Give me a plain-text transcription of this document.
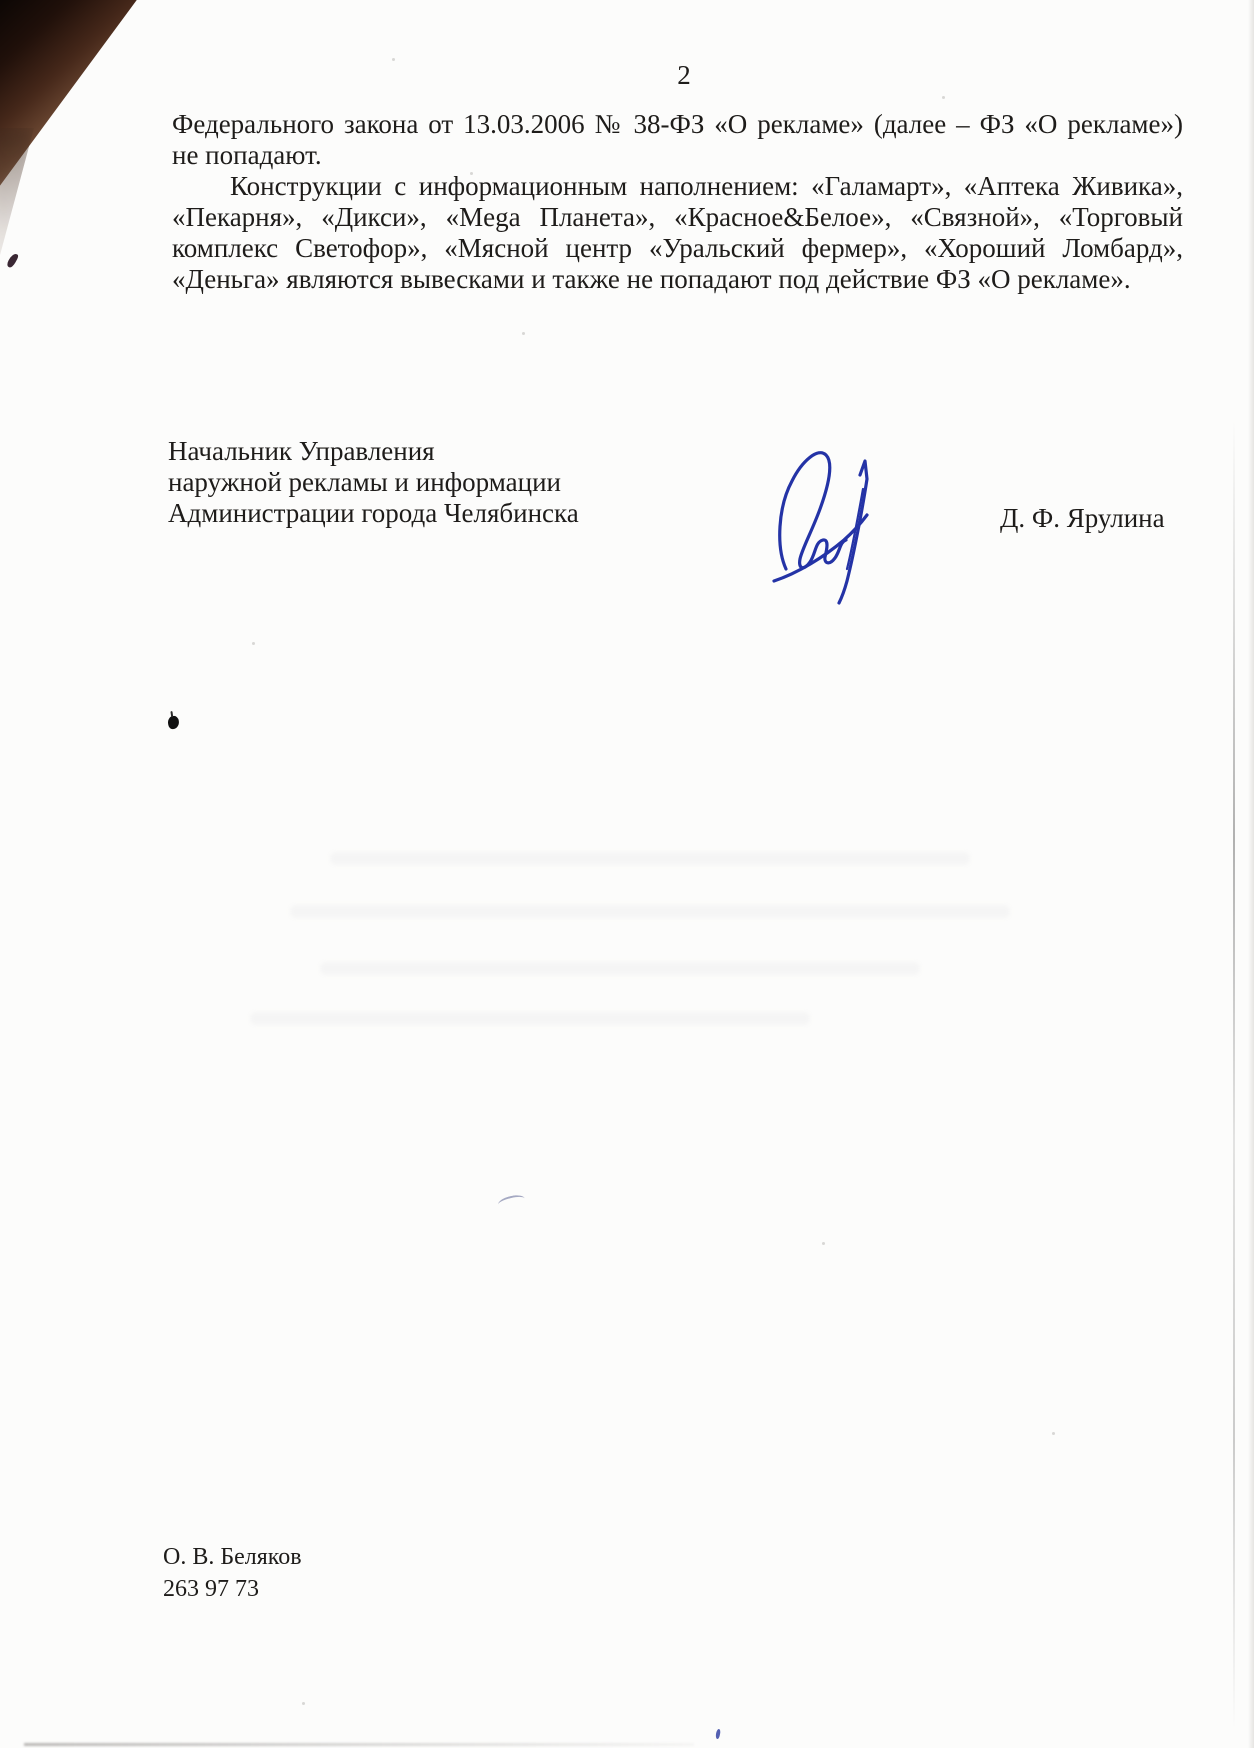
2
Федерального закона от 13.03.2006 № 38-ФЗ «О рекламе» (далее – ФЗ «О рекламе»)
не попадают.
Конструкции с информационным наполнением: «Галамарт», «Аптека Живика»,
«Пекарня», «Дикси», «Mega Планета», «Красное&Белое», «Связной», «Торговый
комплекс Светофор», «Мясной центр «Уральский фермер», «Хороший Ломбард»,
«Деньга» являются вывесками и также не попадают под действие ФЗ «О рекламе».
Начальник Управления
наружной рекламы и информации
Администрации города Челябинска	Д. Ф. Ярулина
О. В. Беляков
263 97 73
